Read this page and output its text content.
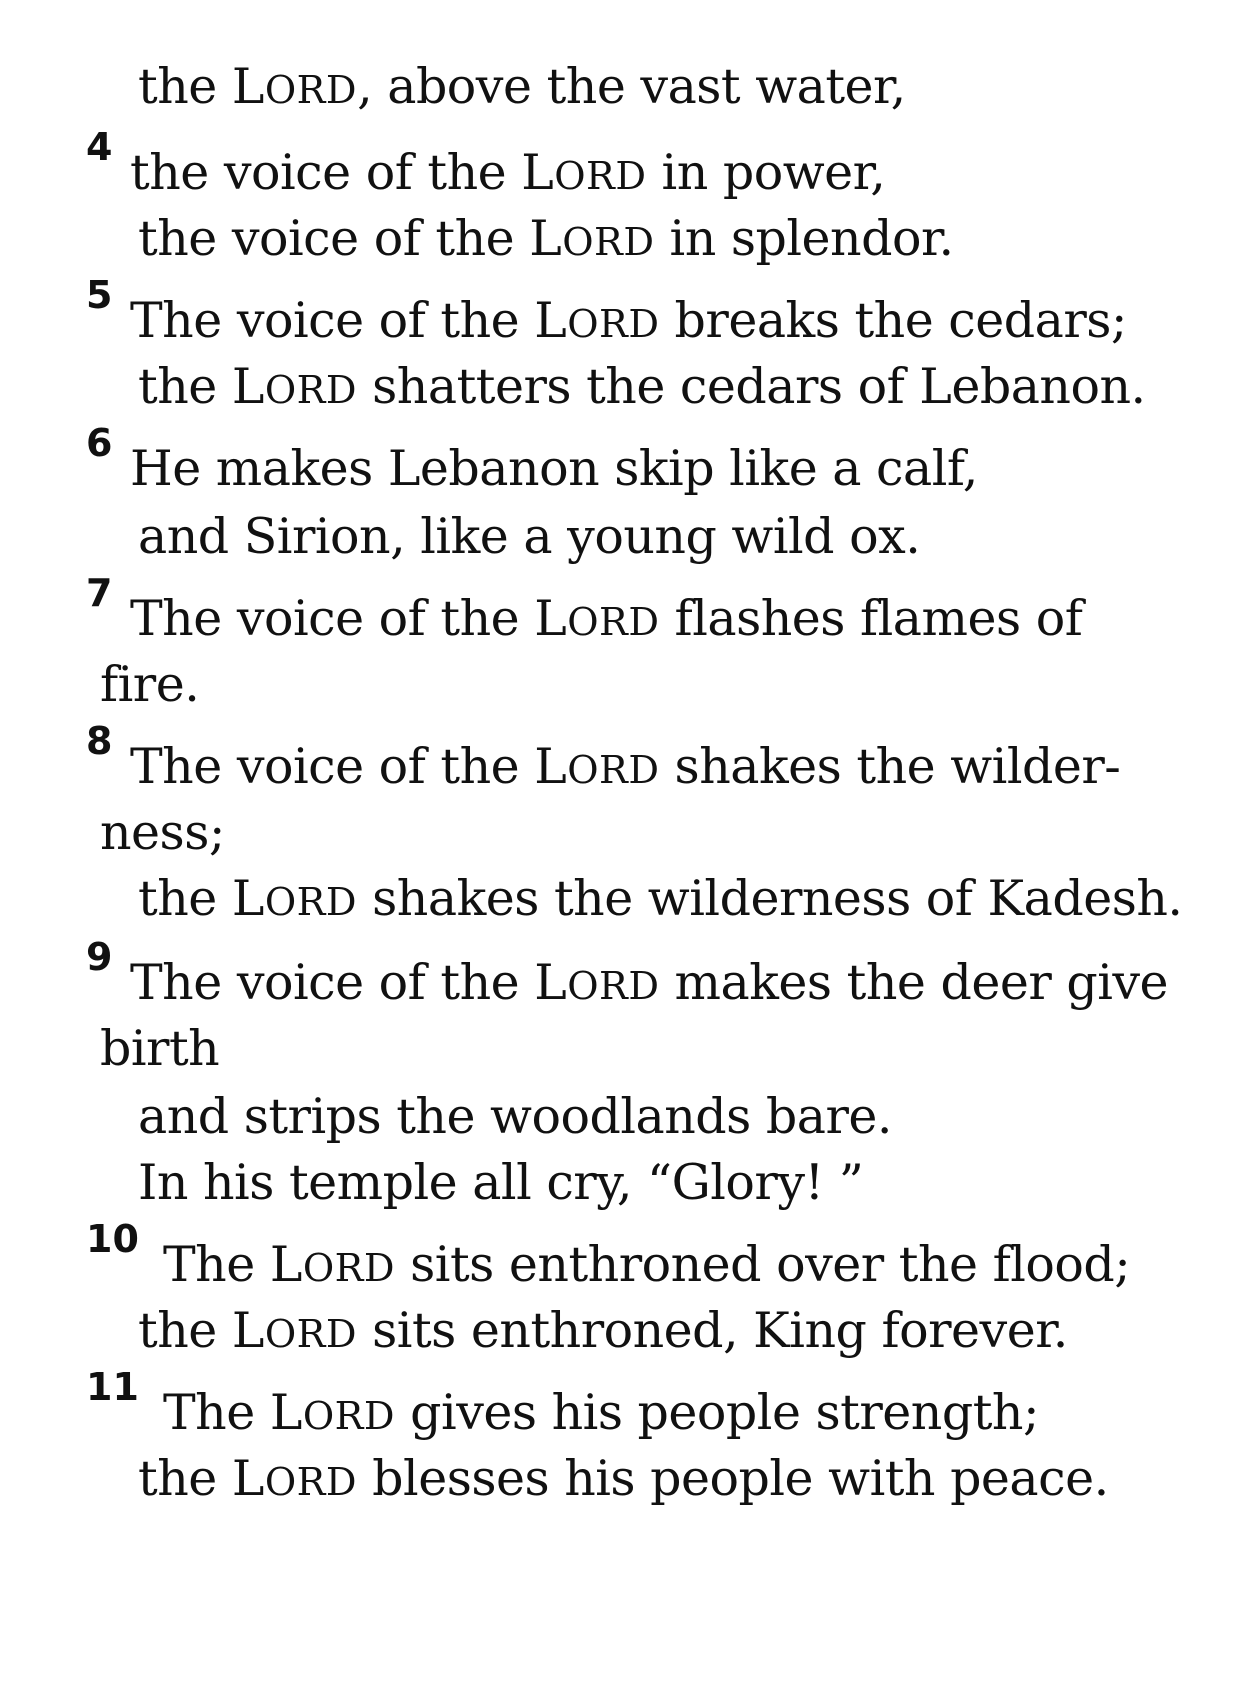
the LORD, above the vast water,
4 the voice of the LORD in power,
the voice of the LORD in splendor.
5 The voice of the LORD breaks the cedars;
the LORD shatters the cedars of Lebanon.
6 He makes Lebanon skip like a calf,
and Sirion, like a young wild ox.
7 The voice of the LORD flashes flames of
fire.
8 The voice of the LORD shakes the wilder-
ness;
the LORD shakes the wilderness of Kadesh.
9 The voice of the LORD makes the deer give
birth
and strips the woodlands bare.
In his temple all cry, “Glory! ”
10 The LORD sits enthroned over the flood;
the LORD sits enthroned, King forever.
11 The LORD gives his people strength;
the LORD blesses his people with peace.
